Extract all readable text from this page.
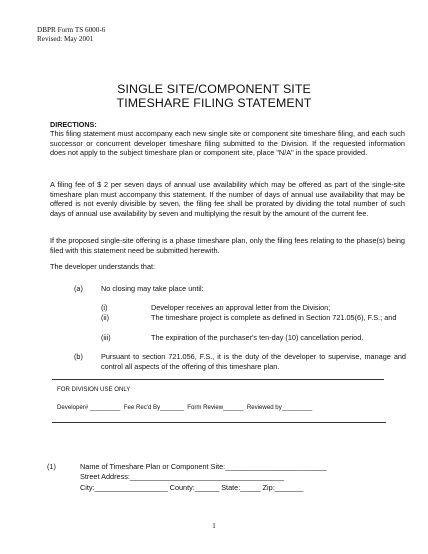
DBPR Form TS 6000-6
Revised: May 2001
SINGLE SITE/COMPONENT SITE
TIMESHARE FILING STATEMENT
DIRECTIONS:
This filing statement must accompany each new single site or component site timeshare filing, and each such successor or concurrent developer timeshare filing submitted to the Division. If the requested information does not apply to the subject timeshare plan or component site, place "N/A" in the space provided.
A filing fee of $ 2 per seven days of annual use availability which may be offered as part of the single-site timeshare plan must accompany this statement. If the number of days of annual use availability that may be offered is not evenly divisible by seven, the filing fee shall be prorated by dividing the total number of such days of annual use availability by seven and multiplying the result by the amount of the current fee.
If the proposed single-site offering is a phase timeshare plan, only the filing fees relating to the phase(s) being filed with this statement need be submitted herewith.
The developer understands that:
(a) No closing may take place until:
(i)	Developer receives an approval letter from the Division;
(ii)	The timeshare project is complete as defined in Section 721.05(6), F.S.; and
(iii)	The expiration of the purchaser's ten-day (10) cancellation period.
(b) Pursuant to section 721.056, F.S., it is the duty of the developer to supervise, manage and control all aspects of the offering of this timeshare plan.
FOR DIVISION USE ONLY
Developer# _________  Fee Rec'd By_______  Form Review______  Reviewed by_________
(1)	Name of Timeshare Plan or Component Site:_________________________
Street Address:______________________________________
City:__________________ County:______ State:_____ Zip:_______
1
